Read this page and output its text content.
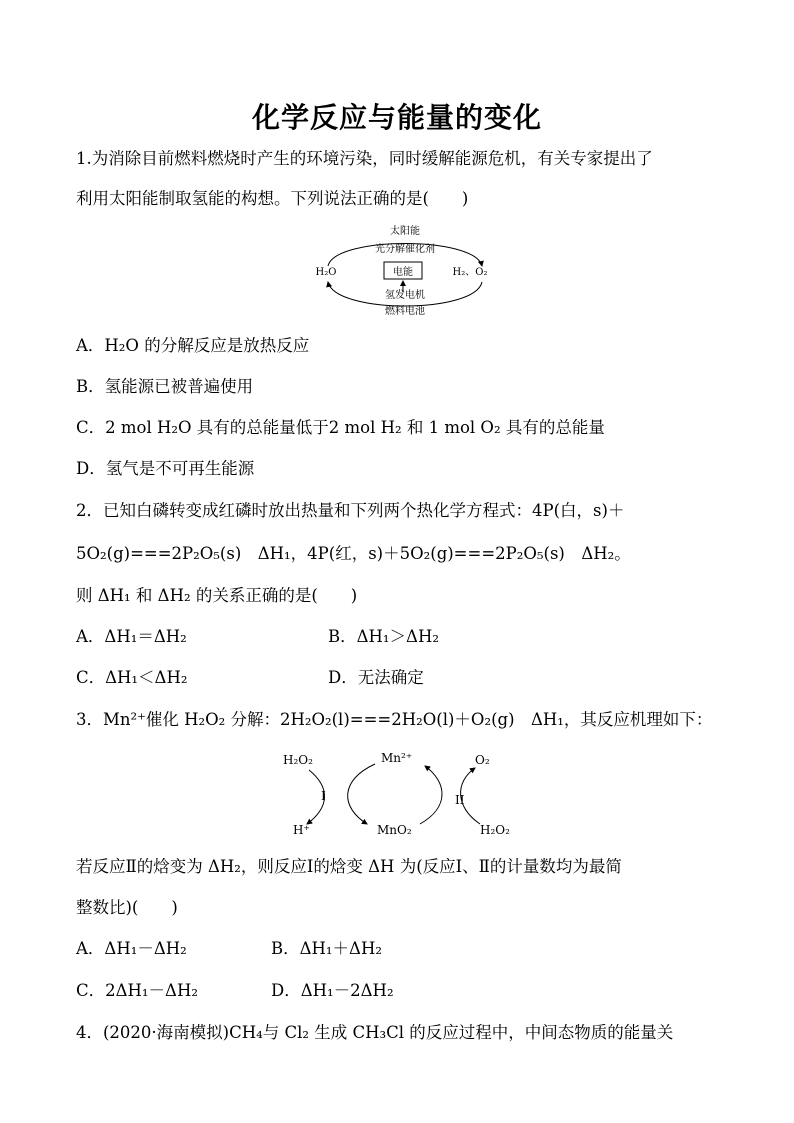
化学反应与能量的变化
1.为消除目前燃料燃烧时产生的环境污染，同时缓解能源危机，有关专家提出了
利用太阳能制取氢能的构想。下列说法正确的是(　　)
太阳能
光分解催化剂
H₂O	H₂、O₂
电能
氢发电机
燃料电池
A．H₂O 的分解反应是放热反应
B．氢能源已被普遍使用
C．2 mol H₂O 具有的总能量低于2 mol H₂ 和 1 mol O₂ 具有的总能量
D．氢气是不可再生能源
2．已知白磷转变成红磷时放出热量和下列两个热化学方程式：4P(白，s)＋
5O₂(g)===2P₂O₅(s)　ΔH₁，4P(红，s)＋5O₂(g)===2P₂O₅(s)　ΔH₂。
则 ΔH₁ 和 ΔH₂ 的关系正确的是(　　)
A．ΔH₁＝ΔH₂	B．ΔH₁＞ΔH₂
C．ΔH₁＜ΔH₂	D．无法确定
3．Mn²⁺催化 H₂O₂ 分解：2H₂O₂(l)===2H₂O(l)＋O₂(g)　ΔH₁，其反应机理如下：
H₂O₂	Mn²⁺	O₂
I	II
H⁺	MnO₂	H₂O₂
若反应Ⅱ的焓变为 ΔH₂，则反应Ⅰ的焓变 ΔH 为(反应Ⅰ、Ⅱ的计量数均为最简
整数比)(　　)
A．ΔH₁－ΔH₂	B．ΔH₁＋ΔH₂
C．2ΔH₁－ΔH₂	D．ΔH₁－2ΔH₂
4．(2020·海南模拟)CH₄与 Cl₂ 生成 CH₃Cl 的反应过程中，中间态物质的能量关
